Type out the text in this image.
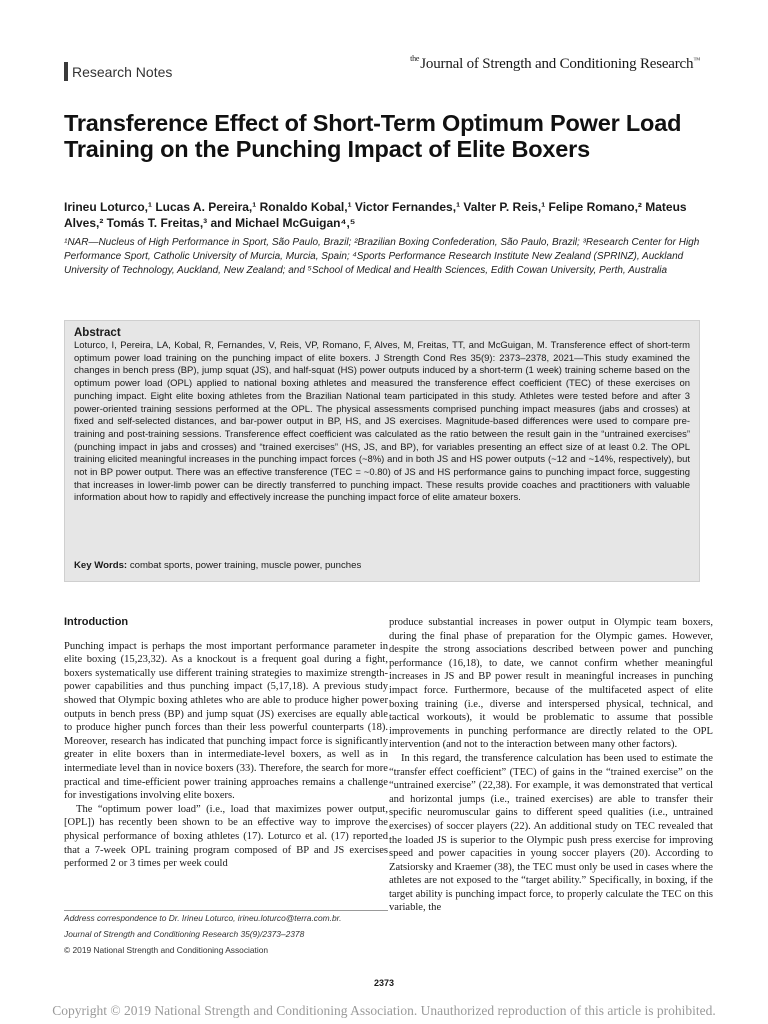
Research Notes
$^{the}$Journal of Strength and Conditioning Research™
Transference Effect of Short-Term Optimum Power Load Training on the Punching Impact of Elite Boxers
Irineu Loturco,¹ Lucas A. Pereira,¹ Ronaldo Kobal,¹ Victor Fernandes,¹ Valter P. Reis,¹ Felipe Romano,² Mateus Alves,² Tomás T. Freitas,³ and Michael McGuigan⁴,⁵
¹NAR—Nucleus of High Performance in Sport, São Paulo, Brazil; ²Brazilian Boxing Confederation, São Paulo, Brazil; ³Research Center for High Performance Sport, Catholic University of Murcia, Murcia, Spain; ⁴Sports Performance Research Institute New Zealand (SPRINZ), Auckland University of Technology, Auckland, New Zealand; and ⁵School of Medical and Health Sciences, Edith Cowan University, Perth, Australia
Abstract

Loturco, I, Pereira, LA, Kobal, R, Fernandes, V, Reis, VP, Romano, F, Alves, M, Freitas, TT, and McGuigan, M. Transference effect of short-term optimum power load training on the punching impact of elite boxers. J Strength Cond Res 35(9): 2373–2378, 2021—This study examined the changes in bench press (BP), jump squat (JS), and half-squat (HS) power outputs induced by a short-term (1 week) training scheme based on the optimum power load (OPL) applied to national boxing athletes and measured the transference effect coefficient (TEC) of these exercises on punching impact. Eight elite boxing athletes from the Brazilian National team participated in this study. Athletes were tested before and after 3 power-oriented training sessions performed at the OPL. The physical assessments comprised punching impact measures (jabs and crosses) at fixed and self-selected distances, and bar-power output in BP, HS, and JS exercises. Magnitude-based differences were used to compare pre-training and post-training sessions. Transference effect coefficient was calculated as the ratio between the result gain in the “untrained exercises” (punching impact in jabs and crosses) and “trained exercises” (HS, JS, and BP), for variables presenting an effect size of at least 0.2. The OPL training elicited meaningful increases in the punching impact forces (~8%) and in both JS and HS power outputs (~12 and ~14%, respectively), but not in BP power output. There was an effective transference (TEC = ~0.80) of JS and HS performance gains to punching impact force, suggesting that increases in lower-limb power can be directly transferred to punching impact. These results provide coaches and practitioners with valuable information about how to rapidly and effectively increase the punching impact force of elite amateur boxers.

Key Words: combat sports, power training, muscle power, punches
Introduction

Punching impact is perhaps the most important performance parameter in elite boxing (15,23,32). As a knockout is a frequent goal during a fight, boxers systematically use different training strategies to maximize strength-power capabilities and thus punching impact (5,17,18). A previous study showed that Olympic boxing athletes who are able to produce higher power outputs in bench press (BP) and jump squat (JS) exercises are equally able to produce higher punch forces than their less powerful counterparts (18). Moreover, research has indicated that punching impact force is significantly greater in elite boxers than in intermediate-level boxers, as well as in intermediate level than in novice boxers (33). Therefore, the search for more practical and time-efficient power training approaches remains a challenge for investigations involving elite boxers.

The “optimum power load” (i.e., load that maximizes power output, [OPL]) has recently been shown to be an effective way to improve the physical performance of boxing athletes (17). Loturco et al. (17) reported that a 7-week OPL training program composed of BP and JS exercises performed 2 or 3 times per week could

produce substantial increases in power output in Olympic team boxers, during the final phase of preparation for the Olympic games. However, despite the strong associations described between power and punching performance (16,18), to date, we cannot confirm whether meaningful increases in JS and BP power result in meaningful increases in punching impact force. Furthermore, because of the multifaceted aspect of elite boxing training (i.e., diverse and interspersed physical, technical, and tactical workouts), it would be problematic to assume that possible improvements in punching performance are directly related to the OPL intervention (and not to the interaction between many other factors).

In this regard, the transference calculation has been used to estimate the “transfer effect coefficient” (TEC) of gains in the “trained exercise” on the “untrained exercise” (22,38). For example, it was demonstrated that vertical and horizontal jumps (i.e., trained exercises) are able to transfer their specific neuromuscular gains to different speed qualities (i.e., untrained exercises) of soccer players (22). An additional study on TEC revealed that the loaded JS is superior to the Olympic push press exercise for improving speed and power capacities in young soccer players (20). According to Zatsiorsky and Kraemer (38), the TEC must only be used in cases where the athletes are not exposed to the “target ability.” Specifically, in boxing, if the target ability is punching impact force, to properly calculate the TEC on this variable, the

Address correspondence to Dr. Irineu Loturco, irineu.loturco@terra.com.br.
Journal of Strength and Conditioning Research 35(9)/2373–2378
© 2019 National Strength and Conditioning Association
2373
Copyright © 2019 National Strength and Conditioning Association. Unauthorized reproduction of this article is prohibited.
